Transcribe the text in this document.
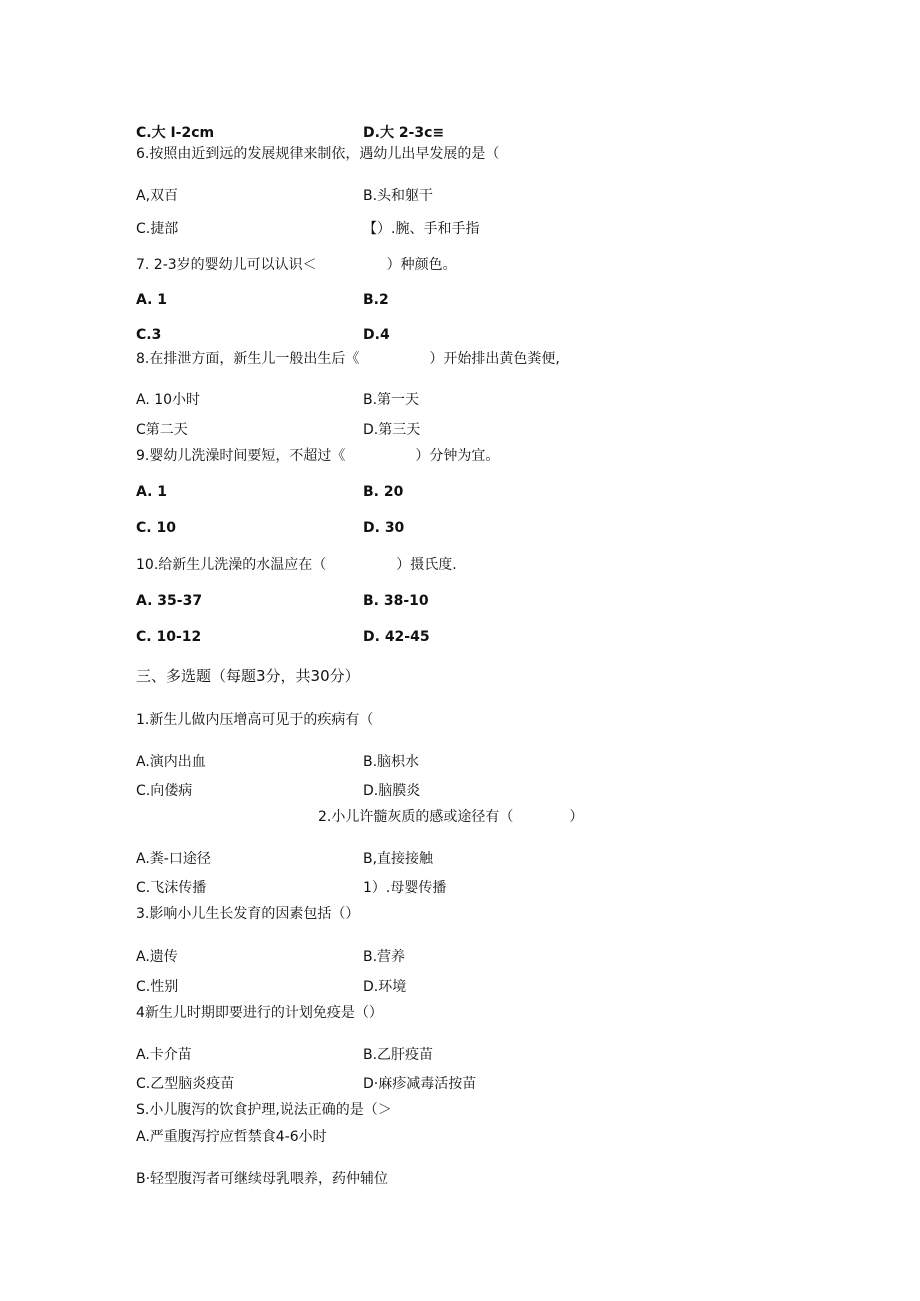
C.大 I-2cm	D.大 2-3c≡
6.按照由近到远的发展规律来制依，遇幼儿出早发展的是（
A,双百	B.头和躯干
C.捷部	【）.腕、手和手指
7. 2-3岁的婴幼儿可以认识＜　　　　　）种颜色。
A. 1	B.2
C.3	D.4
8.在排泄方面，新生儿一般出生后《　　　　　）开始排出黄色粪便,
A. 10小时	B.第一天
C第二天	D.第三天
9.婴幼儿洗澡时间要短，不超过《　　　　　）分钟为宜。
A. 1	B. 20
C. 10	D. 30
10.给新生儿洗澡的水温应在（　　　　　）摄氏度.
A. 35-37	B. 38-10
C. 10-12	D. 42-45
三、多选题（每题3分，共30分）
1.新生儿做内压增高可见于的疾病有（
A.演内出血	B.脑枳水
C.向偻病	D.脑膜炎
2.小儿许髓灰质的感或途径有（　　　　）
A.粪-口途径	B,直接接触
C.飞沫传播	1）.母婴传播
3.影响小儿生长发育的因素包括（）
A.遗传	B.营养
C.性别	D.环境
4新生儿时期即要进行的计划免疫是（）
A.卡介苗	B.乙肝疫苗
C.乙型脑炎疫苗	D·麻疹减毒活按苗
S.小儿腹泻的饮食护理,说法正确的是（＞
A.严重腹泻拧应哲禁食4-6小时
B·轻型腹泻者可继续母乳喂养，药仲辅位
